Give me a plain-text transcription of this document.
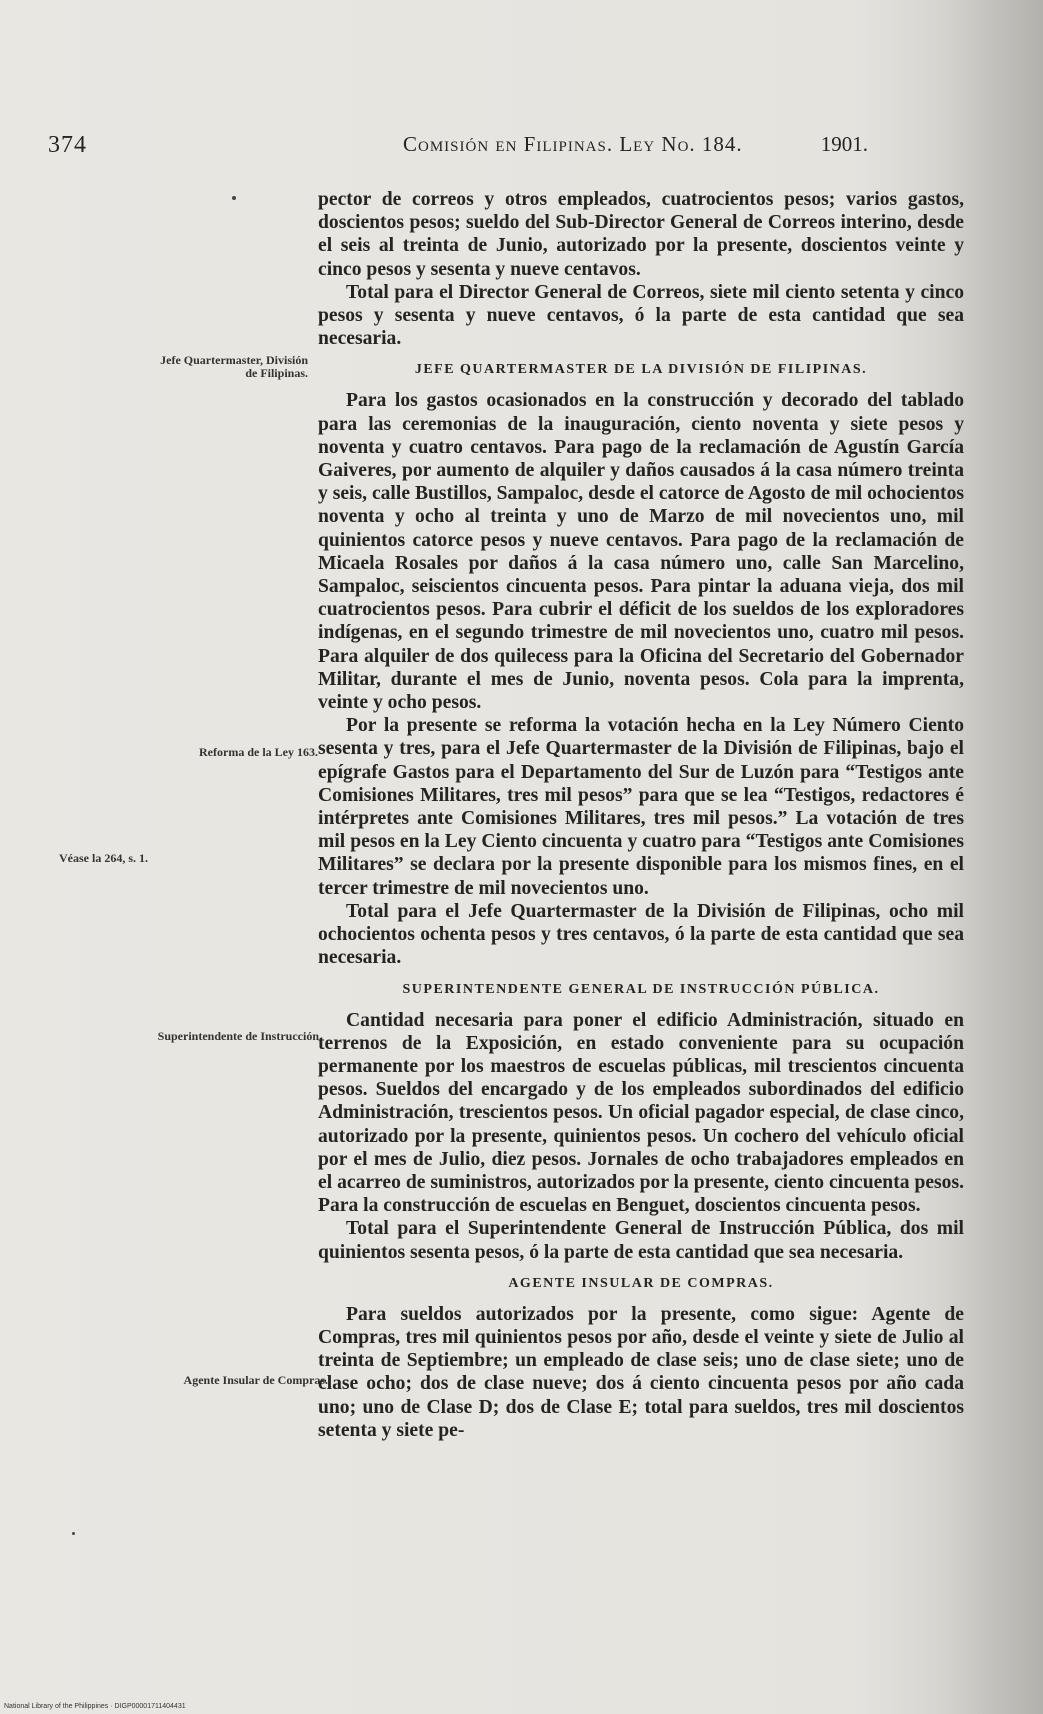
374	Comisión en Filipinas. Ley No. 184.	1901.
Jefe Quartermaster, División de Filipinas.
Reforma de la Ley 163.
Véase la 264, s. 1.
Superintendente de Instrucción.
Agente Insular de Compras.

pector de correos y otros empleados, cuatrocientos pesos; varios gastos, doscientos pesos; sueldo del Sub-Director General de Correos interino, desde el seis al treinta de Junio, autorizado por la presente, doscientos veinte y cinco pesos y sesenta y nueve centavos.

Total para el Director General de Correos, siete mil ciento setenta y cinco pesos y sesenta y nueve centavos, ó la parte de esta cantidad que sea necesaria.

JEFE QUARTERMASTER DE LA DIVISIÓN DE FILIPINAS.

Para los gastos ocasionados en la construcción y decorado del tablado para las ceremonias de la inauguración, ciento noventa y siete pesos y noventa y cuatro centavos. Para pago de la reclamación de Agustín García Gaiveres, por aumento de alquiler y daños causados á la casa número treinta y seis, calle Bustillos, Sampaloc, desde el catorce de Agosto de mil ochocientos noventa y ocho al treinta y uno de Marzo de mil novecientos uno, mil quinientos catorce pesos y nueve centavos. Para pago de la reclamación de Micaela Rosales por daños á la casa número uno, calle San Marcelino, Sampaloc, seiscientos cincuenta pesos. Para pintar la aduana vieja, dos mil cuatrocientos pesos. Para cubrir el déficit de los sueldos de los exploradores indígenas, en el segundo trimestre de mil novecientos uno, cuatro mil pesos. Para alquiler de dos quilecess para la Oficina del Secretario del Gobernador Militar, durante el mes de Junio, noventa pesos. Cola para la imprenta, veinte y ocho pesos.

Por la presente se reforma la votación hecha en la Ley Número Ciento sesenta y tres, para el Jefe Quartermaster de la División de Filipinas, bajo el epígrafe Gastos para el Departamento del Sur de Luzón para “Testigos ante Comisiones Militares, tres mil pesos” para que se lea “Testigos, redactores é intérpretes ante Comisiones Militares, tres mil pesos.” La votación de tres mil pesos en la Ley Ciento cincuenta y cuatro para “Testigos ante Comisiones Militares” se declara por la presente disponible para los mismos fines, en el tercer trimestre de mil novecientos uno.

Total para el Jefe Quartermaster de la División de Filipinas, ocho mil ochocientos ochenta pesos y tres centavos, ó la parte de esta cantidad que sea necesaria.

SUPERINTENDENTE GENERAL DE INSTRUCCIÓN PÚBLICA.

Cantidad necesaria para poner el edificio Administración, situado en terrenos de la Exposición, en estado conveniente para su ocupación permanente por los maestros de escuelas públicas, mil trescientos cincuenta pesos. Sueldos del encargado y de los empleados subordinados del edificio Administración, trescientos pesos. Un oficial pagador especial, de clase cinco, autorizado por la presente, quinientos pesos. Un cochero del vehículo oficial por el mes de Julio, diez pesos. Jornales de ocho trabajadores empleados en el acarreo de suministros, autorizados por la presente, ciento cincuenta pesos. Para la construcción de escuelas en Benguet, doscientos cincuenta pesos.

Total para el Superintendente General de Instrucción Pública, dos mil quinientos sesenta pesos, ó la parte de esta cantidad que sea necesaria.

AGENTE INSULAR DE COMPRAS.

Para sueldos autorizados por la presente, como sigue: Agente de Compras, tres mil quinientos pesos por año, desde el veinte y siete de Julio al treinta de Septiembre; un empleado de clase seis; uno de clase siete; uno de clase ocho; dos de clase nueve; dos á ciento cincuenta pesos por año cada uno; uno de Clase D; dos de Clase E; total para sueldos, tres mil doscientos setenta y siete pe-

National Library of the Philippines · DIGP00001711404431
